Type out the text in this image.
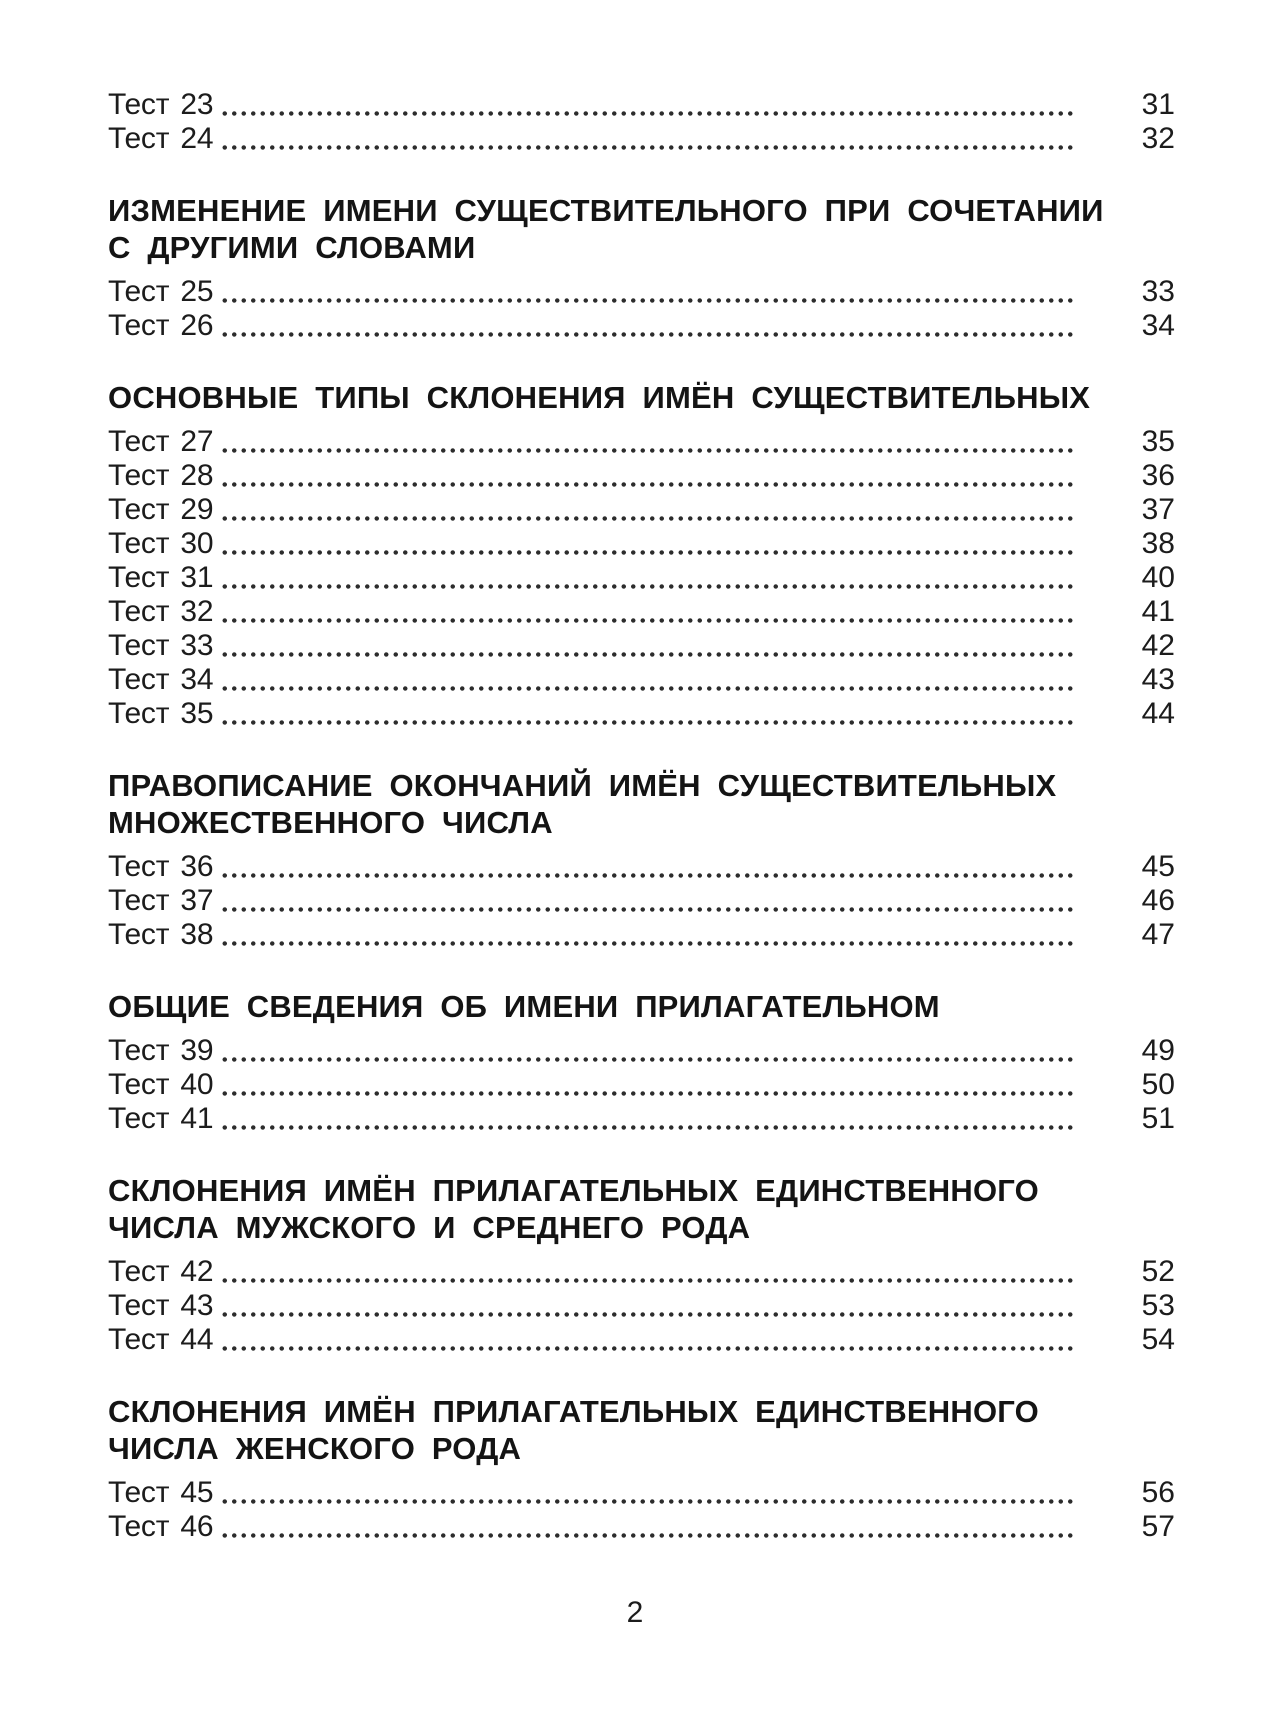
Тест 23	31
Тест 24	32
ИЗМЕНЕНИЕ ИМЕНИ СУЩЕСТВИТЕЛЬНОГО ПРИ СОЧЕТАНИИ
С ДРУГИМИ СЛОВАМИ
Тест 25	33
Тест 26	34
ОСНОВНЫЕ ТИПЫ СКЛОНЕНИЯ ИМЁН СУЩЕСТВИТЕЛЬНЫХ
Тест 27	35
Тест 28	36
Тест 29	37
Тест 30	38
Тест 31	40
Тест 32	41
Тест 33	42
Тест 34	43
Тест 35	44
ПРАВОПИСАНИЕ ОКОНЧАНИЙ ИМЁН СУЩЕСТВИТЕЛЬНЫХ
МНОЖЕСТВЕННОГО ЧИСЛА
Тест 36	45
Тест 37	46
Тест 38	47
ОБЩИЕ СВЕДЕНИЯ ОБ ИМЕНИ ПРИЛАГАТЕЛЬНОМ
Тест 39	49
Тест 40	50
Тест 41	51
СКЛОНЕНИЯ ИМЁН ПРИЛАГАТЕЛЬНЫХ ЕДИНСТВЕННОГО
ЧИСЛА МУЖСКОГО И СРЕДНЕГО РОДА
Тест 42	52
Тест 43	53
Тест 44	54
СКЛОНЕНИЯ ИМЁН ПРИЛАГАТЕЛЬНЫХ ЕДИНСТВЕННОГО
ЧИСЛА ЖЕНСКОГО РОДА
Тест 45	56
Тест 46	57
2
